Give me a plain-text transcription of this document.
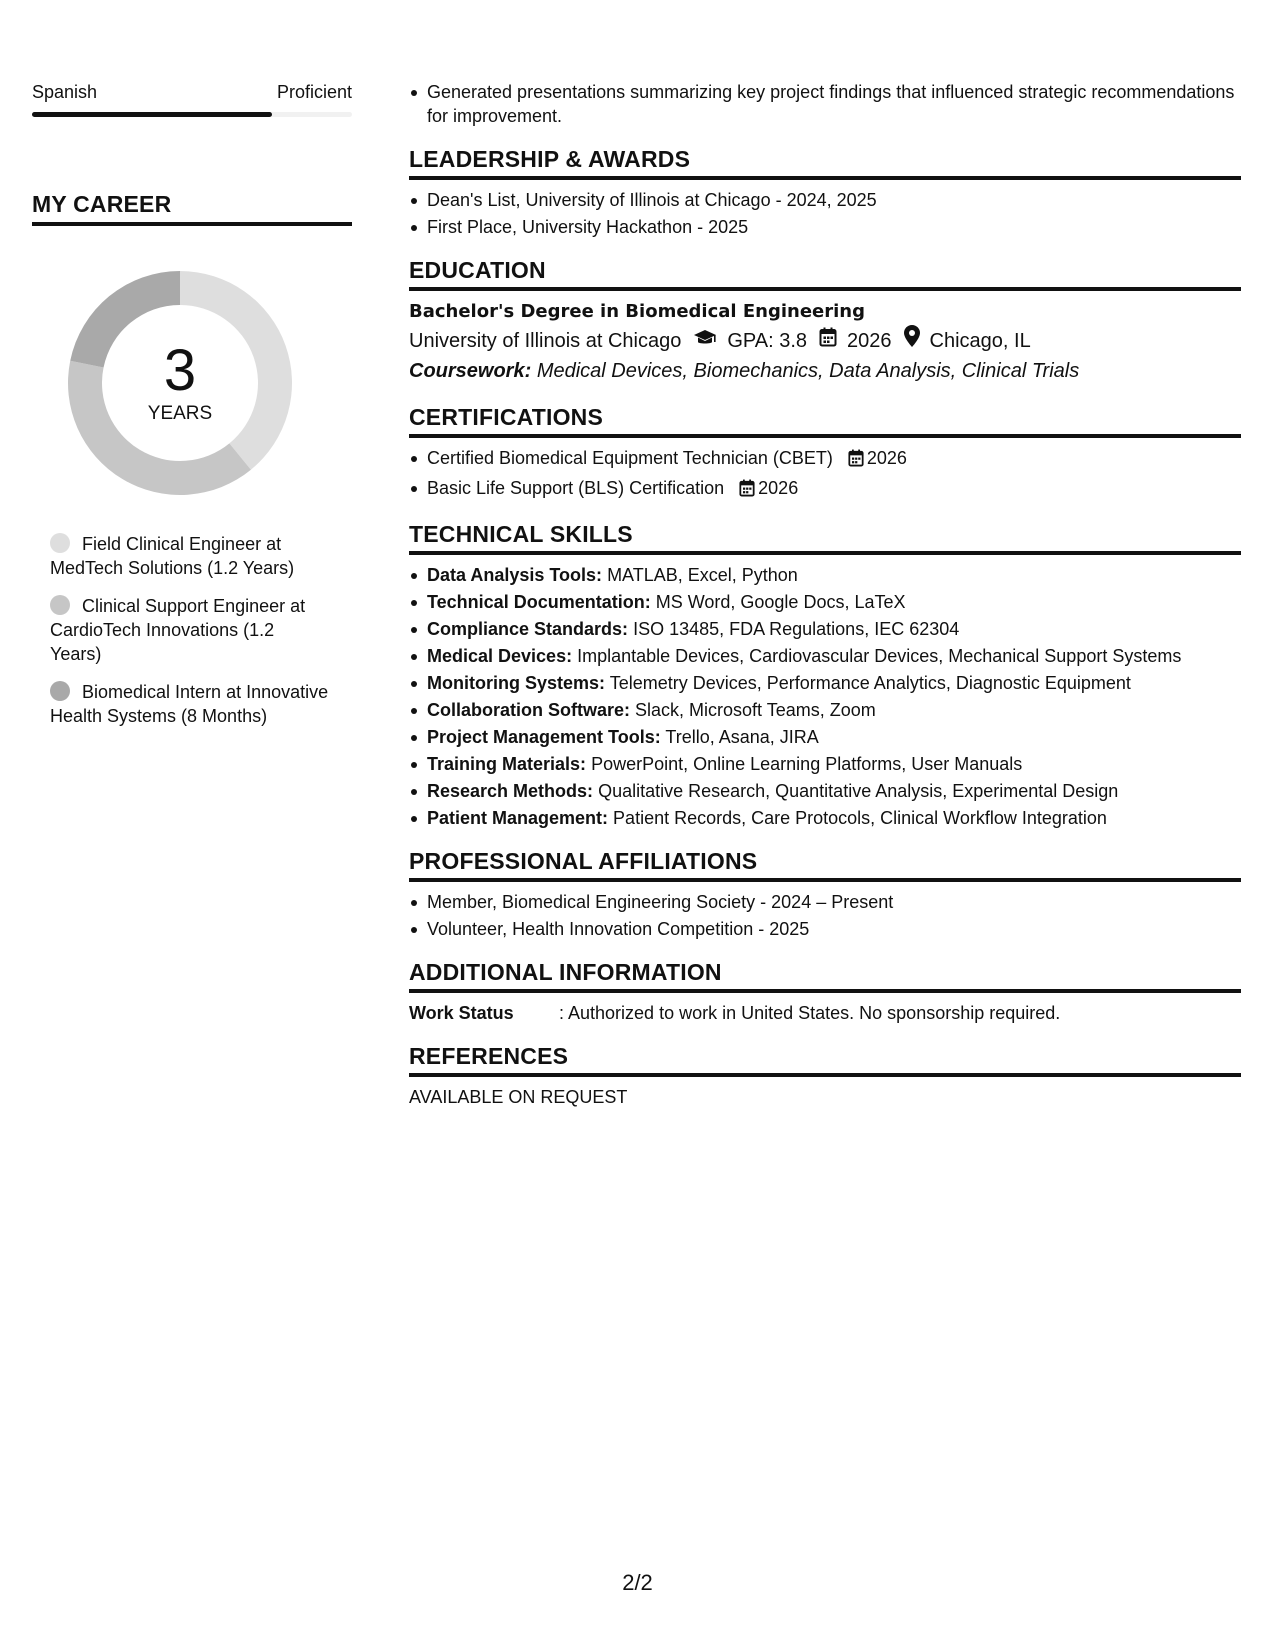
Spanish	Proficient
MY CAREER
3
YEARS
Field Clinical Engineer at MedTech Solutions (1.2 Years)
Clinical Support Engineer at CardioTech Innovations (1.2 Years)
Biomedical Intern at Innovative Health Systems (8 Months)
Generated presentations summarizing key project findings that influenced strategic recommendations for improvement.
LEADERSHIP & AWARDS
Dean's List, University of Illinois at Chicago - 2024, 2025
First Place, University Hackathon - 2025
EDUCATION
Bachelor's Degree in Biomedical Engineering
University of Illinois at Chicago GPA: 3.8 2026 Chicago, IL
Coursework: Medical Devices, Biomechanics, Data Analysis, Clinical Trials
CERTIFICATIONS
Certified Biomedical Equipment Technician (CBET) 2026
Basic Life Support (BLS) Certification 2026
TECHNICAL SKILLS
Data Analysis Tools: MATLAB, Excel, Python
Technical Documentation: MS Word, Google Docs, LaTeX
Compliance Standards: ISO 13485, FDA Regulations, IEC 62304
Medical Devices: Implantable Devices, Cardiovascular Devices, Mechanical Support Systems
Monitoring Systems: Telemetry Devices, Performance Analytics, Diagnostic Equipment
Collaboration Software: Slack, Microsoft Teams, Zoom
Project Management Tools: Trello, Asana, JIRA
Training Materials: PowerPoint, Online Learning Platforms, User Manuals
Research Methods: Qualitative Research, Quantitative Analysis, Experimental Design
Patient Management: Patient Records, Care Protocols, Clinical Workflow Integration
PROFESSIONAL AFFILIATIONS
Member, Biomedical Engineering Society - 2024 – Present
Volunteer, Health Innovation Competition - 2025
ADDITIONAL INFORMATION
Work Status	: Authorized to work in United States. No sponsorship required.
REFERENCES
AVAILABLE ON REQUEST
2/2
